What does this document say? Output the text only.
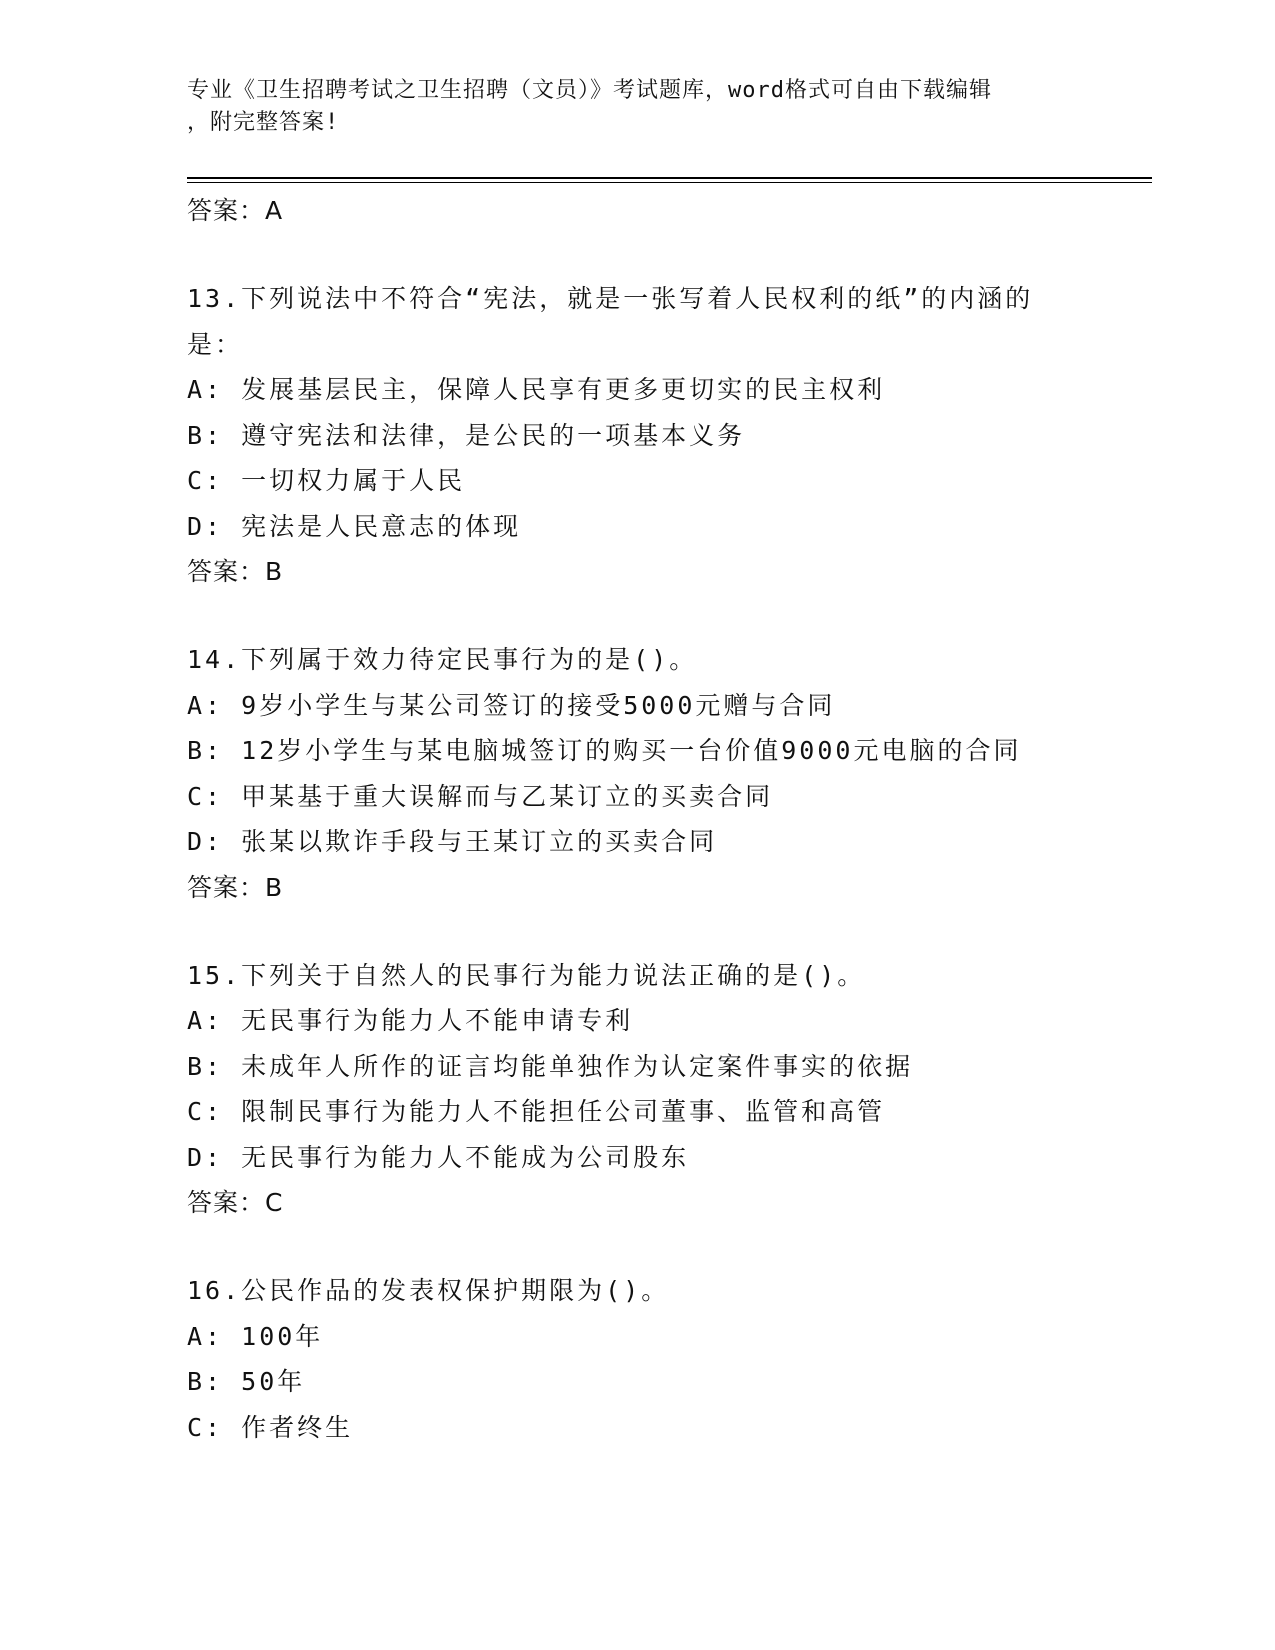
专业《卫生招聘考试之卫生招聘（文员）》考试题库，word格式可自由下载编辑
，附完整答案!
答案：A
13.下列说法中不符合“宪法，就是一张写着人民权利的纸”的内涵的
是：
A: 发展基层民主，保障人民享有更多更切实的民主权利
B: 遵守宪法和法律，是公民的一项基本义务
C: 一切权力属于人民
D: 宪法是人民意志的体现
答案：B
14.下列属于效力待定民事行为的是()。
A: 9岁小学生与某公司签订的接受5000元赠与合同
B: 12岁小学生与某电脑城签订的购买一台价值9000元电脑的合同
C: 甲某基于重大误解而与乙某订立的买卖合同
D: 张某以欺诈手段与王某订立的买卖合同
答案：B
15.下列关于自然人的民事行为能力说法正确的是()。
A: 无民事行为能力人不能申请专利
B: 未成年人所作的证言均能单独作为认定案件事实的依据
C: 限制民事行为能力人不能担任公司董事、监管和高管
D: 无民事行为能力人不能成为公司股东
答案：C
16.公民作品的发表权保护期限为()。
A: 100年
B: 50年
C: 作者终生
